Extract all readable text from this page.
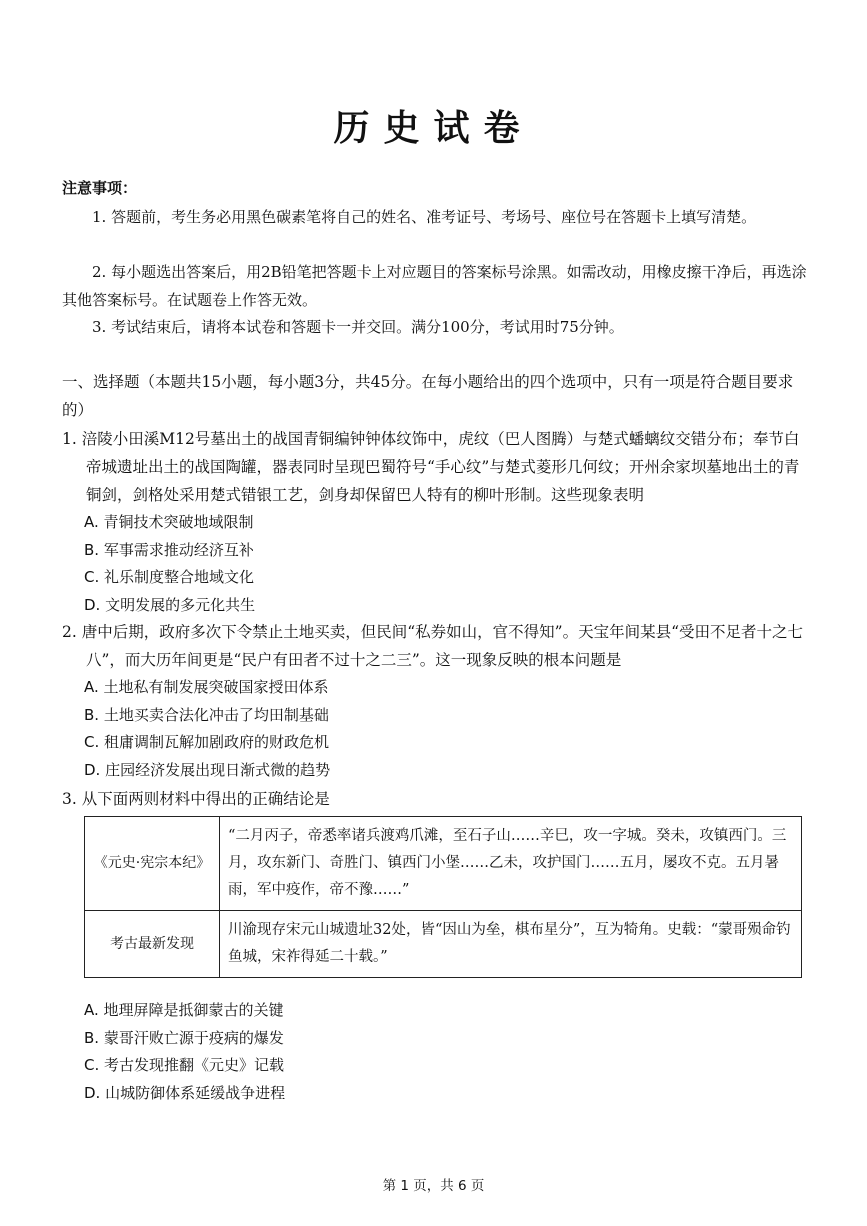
历史试卷
注意事项：
1. 答题前，考生务必用黑色碳素笔将自己的姓名、准考证号、考场号、座位号在答题卡上填写清楚。
2. 每小题选出答案后，用2B铅笔把答题卡上对应题目的答案标号涂黑。如需改动，用橡皮擦干净后，再选涂其他答案标号。在试题卷上作答无效。
3. 考试结束后，请将本试卷和答题卡一并交回。满分100分，考试用时75分钟。
一、选择题（本题共15小题，每小题3分，共45分。在每小题给出的四个选项中，只有一项是符合题目要求的）
1. 涪陵小田溪M12号墓出土的战国青铜编钟钟体纹饰中，虎纹（巴人图腾）与楚式蟠螭纹交错分布；奉节白帝城遗址出土的战国陶罐，器表同时呈现巴蜀符号“手心纹”与楚式菱形几何纹；开州余家坝墓地出土的青铜剑，剑格处采用楚式错银工艺，剑身却保留巴人特有的柳叶形制。这些现象表明
A. 青铜技术突破地域限制
B. 军事需求推动经济互补
C. 礼乐制度整合地域文化
D. 文明发展的多元化共生
2. 唐中后期，政府多次下令禁止土地买卖，但民间“私券如山，官不得知”。天宝年间某县“受田不足者十之七八”，而大历年间更是“民户有田者不过十之二三”。这一现象反映的根本问题是
A. 土地私有制发展突破国家授田体系
B. 土地买卖合法化冲击了均田制基础
C. 租庸调制瓦解加剧政府的财政危机
D. 庄园经济发展出现日渐式微的趋势
3. 从下面两则材料中得出的正确结论是
《元史·宪宗本纪》	“二月丙子，帝悉率诸兵渡鸡爪滩，至石子山……辛巳，攻一字城。癸未，攻镇西门。三月，攻东新门、奇胜门、镇西门小堡……乙未，攻护国门……五月，屡攻不克。五月暑雨，军中疫作，帝不豫……”
考古最新发现	川渝现存宋元山城遗址32处，皆“因山为垒，棋布星分”，互为犄角。史载：“蒙哥殒命钓鱼城，宋祚得延二十载。”
A. 地理屏障是抵御蒙古的关键
B. 蒙哥汗败亡源于疫病的爆发
C. 考古发现推翻《元史》记载
D. 山城防御体系延缓战争进程
第 1 页，共 6 页
